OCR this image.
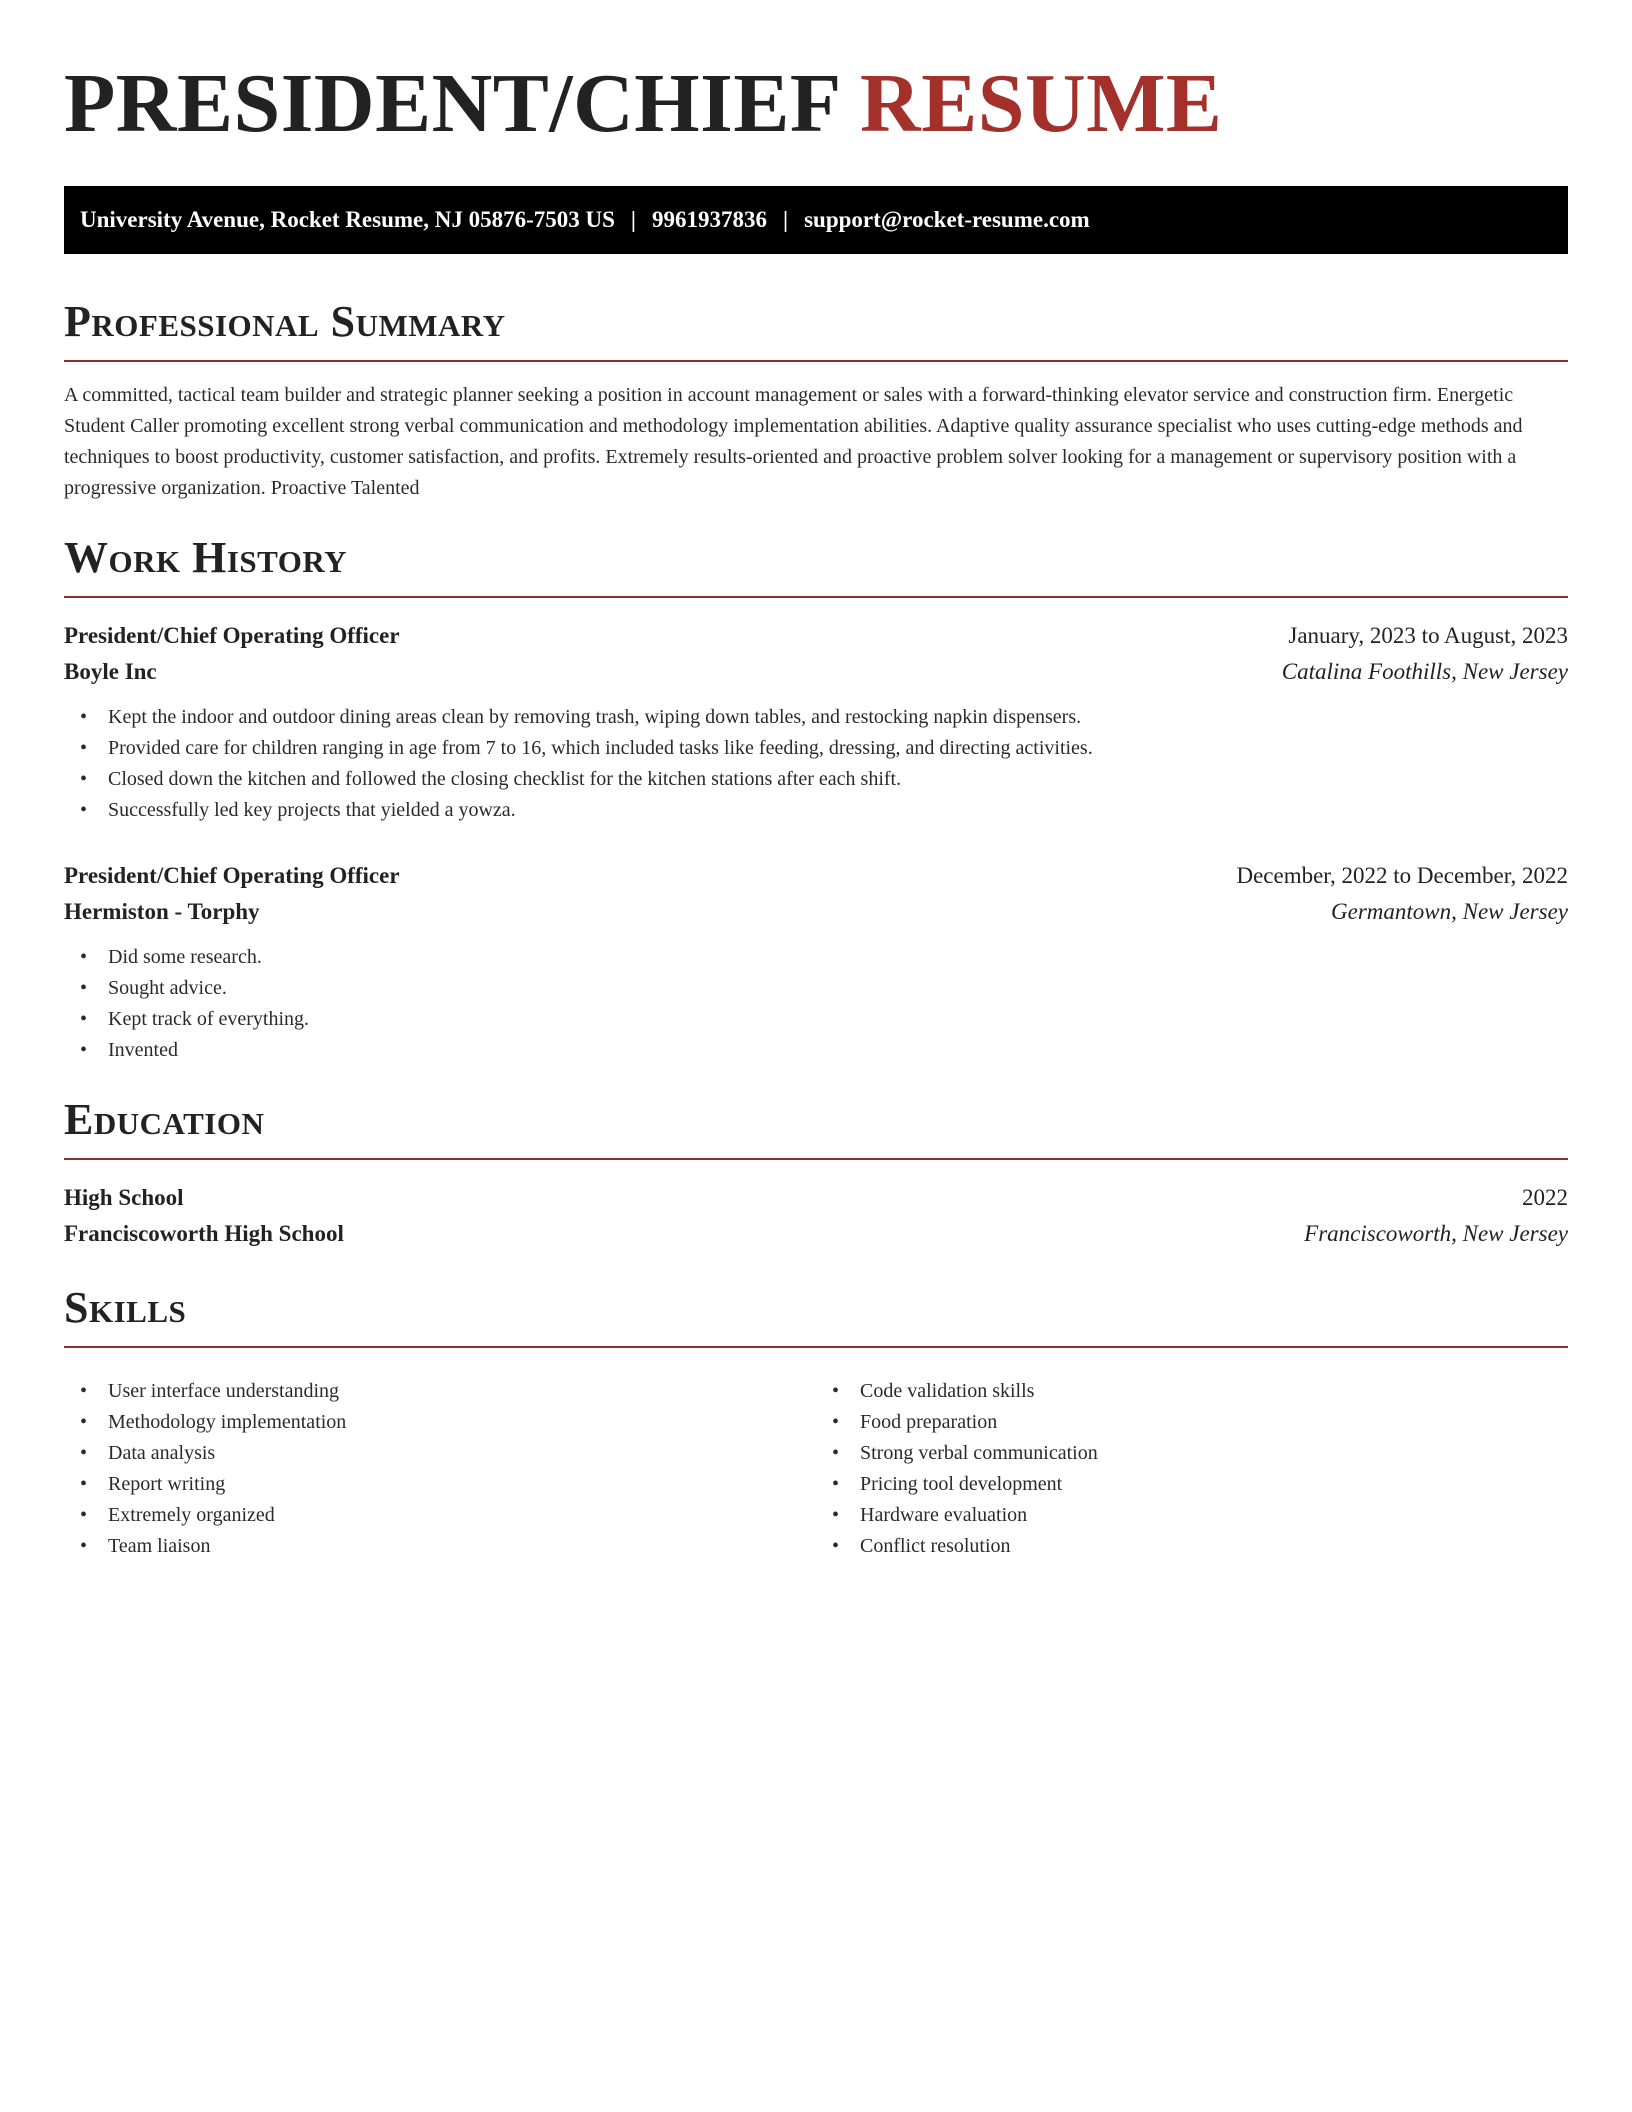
PRESIDENT/CHIEF RESUME
University Avenue, Rocket Resume, NJ 05876-7503 US | 9961937836 | support@rocket-resume.com
Professional Summary

A committed, tactical team builder and strategic planner seeking a position in account management or sales with a forward-thinking elevator service and construction firm. Energetic Student Caller promoting excellent strong verbal communication and methodology implementation abilities. Adaptive quality assurance specialist who uses cutting-edge methods and techniques to boost productivity, customer satisfaction, and profits. Extremely results-oriented and proactive problem solver looking for a management or supervisory position with a progressive organization. Proactive Talented

Work History
President/Chief Operating Officer	January, 2023 to August, 2023
Boyle Inc	Catalina Foothills, New Jersey
• Kept the indoor and outdoor dining areas clean by removing trash, wiping down tables, and restocking napkin dispensers.
• Provided care for children ranging in age from 7 to 16, which included tasks like feeding, dressing, and directing activities.
• Closed down the kitchen and followed the closing checklist for the kitchen stations after each shift.
• Successfully led key projects that yielded a yowza.
President/Chief Operating Officer	December, 2022 to December, 2022
Hermiston - Torphy	Germantown, New Jersey
• Did some research.
• Sought advice.
• Kept track of everything.
• Invented
Education
High School	2022
Franciscoworth High School	Franciscoworth, New Jersey
Skills
• User interface understanding
• Methodology implementation
• Data analysis
• Report writing
• Extremely organized
• Team liaison
• Code validation skills
• Food preparation
• Strong verbal communication
• Pricing tool development
• Hardware evaluation
• Conflict resolution
